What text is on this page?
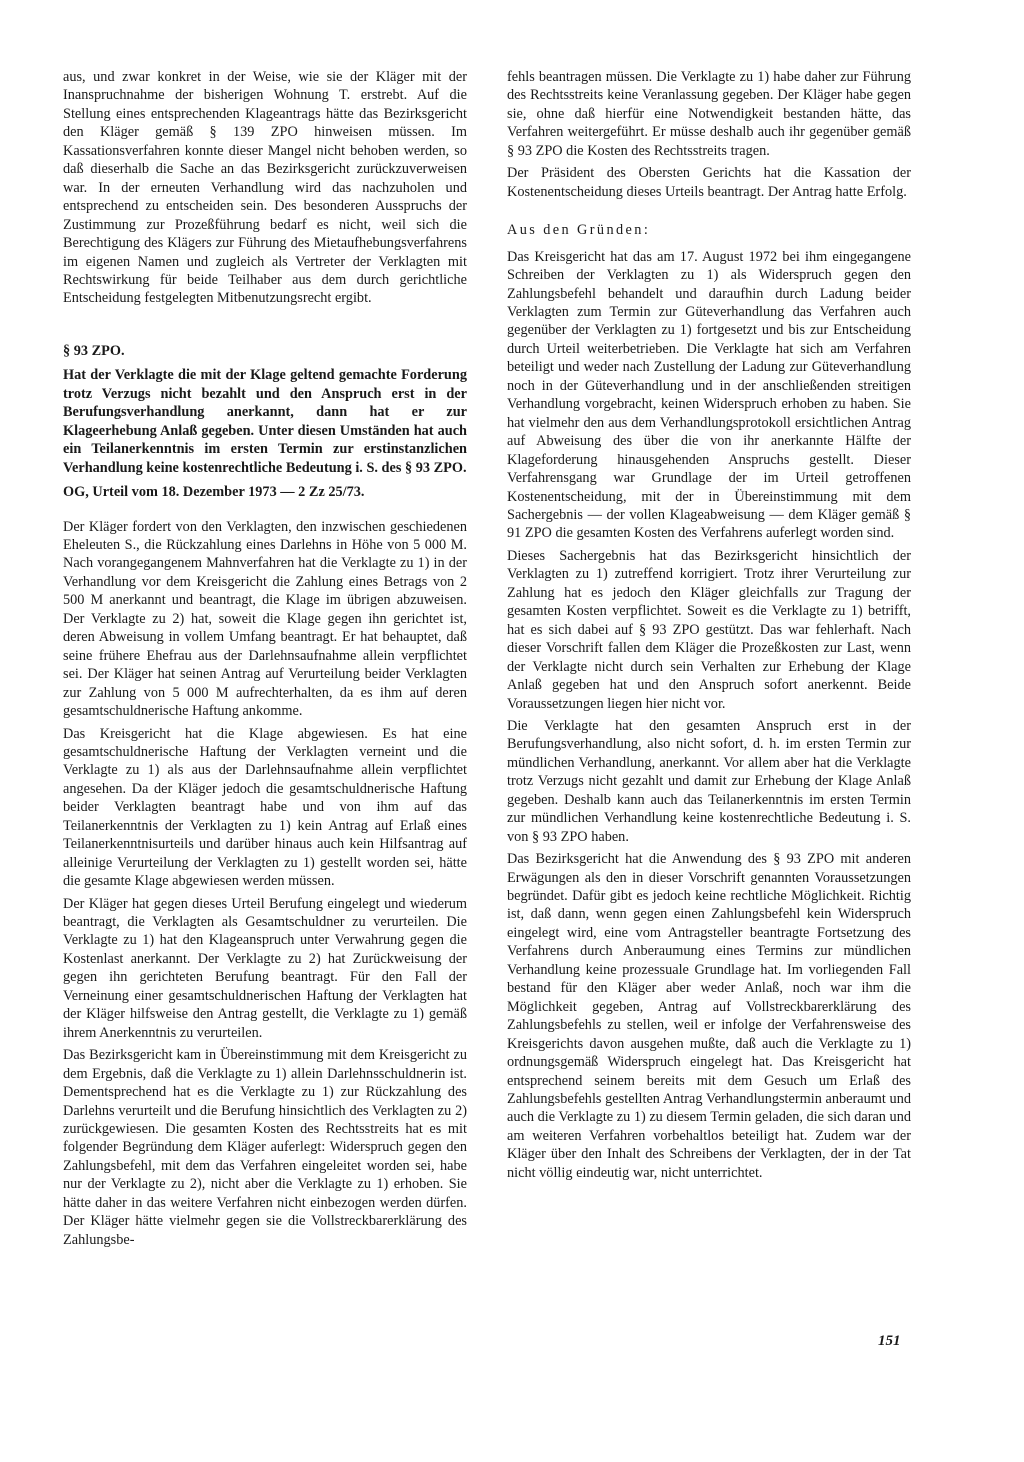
aus, und zwar konkret in der Weise, wie sie der Kläger mit der Inanspruchnahme der bisherigen Wohnung T. erstrebt. Auf die Stellung eines entsprechenden Klageantrags hätte das Bezirksgericht den Kläger gemäß § 139 ZPO hinweisen müssen. Im Kassationsverfahren konnte dieser Mangel nicht behoben werden, so daß dieserhalb die Sache an das Bezirksgericht zurückzuverweisen war. In der erneuten Verhandlung wird das nachzuholen und entsprechend zu entscheiden sein. Des besonderen Ausspruchs der Zustimmung zur Prozeßführung bedarf es nicht, weil sich die Berechtigung des Klägers zur Führung des Mietaufhebungsverfahrens im eigenen Namen und zugleich als Vertreter der Verklagten mit Rechtswirkung für beide Teilhaber aus dem durch gerichtliche Entscheidung festgelegten Mitbenutzungsrecht ergibt.

§ 93 ZPO.

Hat der Verklagte die mit der Klage geltend gemachte Forderung trotz Verzugs nicht bezahlt und den Anspruch erst in der Berufungsverhandlung anerkannt, dann hat er zur Klageerhebung Anlaß gegeben. Unter diesen Umständen hat auch ein Teilanerkenntnis im ersten Termin zur erstinstanzlichen Verhandlung keine kostenrechtliche Bedeutung i. S. des § 93 ZPO.

OG, Urteil vom 18. Dezember 1973 — 2 Zz 25/73.

Der Kläger fordert von den Verklagten, den inzwischen geschiedenen Eheleuten S., die Rückzahlung eines Darlehns in Höhe von 5 000 M. Nach vorangegangenem Mahnverfahren hat die Verklagte zu 1) in der Verhandlung vor dem Kreisgericht die Zahlung eines Betrags von 2 500 M anerkannt und beantragt, die Klage im übrigen abzuweisen. Der Verklagte zu 2) hat, soweit die Klage gegen ihn gerichtet ist, deren Abweisung in vollem Umfang beantragt. Er hat behauptet, daß seine frühere Ehefrau aus der Darlehnsaufnahme allein verpflichtet sei. Der Kläger hat seinen Antrag auf Verurteilung beider Verklagten zur Zahlung von 5 000 M aufrechterhalten, da es ihm auf deren gesamtschuldnerische Haftung ankomme.

Das Kreisgericht hat die Klage abgewiesen. Es hat eine gesamtschuldnerische Haftung der Verklagten verneint und die Verklagte zu 1) als aus der Darlehnsaufnahme allein verpflichtet angesehen. Da der Kläger jedoch die gesamtschuldnerische Haftung beider Verklagten beantragt habe und von ihm auf das Teilanerkenntnis der Verklagten zu 1) kein Antrag auf Erlaß eines Teilanerkenntnisurteils und darüber hinaus auch kein Hilfsantrag auf alleinige Verurteilung der Verklagten zu 1) gestellt worden sei, hätte die gesamte Klage abgewiesen werden müssen.

Der Kläger hat gegen dieses Urteil Berufung eingelegt und wiederum beantragt, die Verklagten als Gesamtschuldner zu verurteilen. Die Verklagte zu 1) hat den Klageanspruch unter Verwahrung gegen die Kostenlast anerkannt. Der Verklagte zu 2) hat Zurückweisung der gegen ihn gerichteten Berufung beantragt. Für den Fall der Verneinung einer gesamtschuldnerischen Haftung der Verklagten hat der Kläger hilfsweise den Antrag gestellt, die Verklagte zu 1) gemäß ihrem Anerkenntnis zu verurteilen.

Das Bezirksgericht kam in Übereinstimmung mit dem Kreisgericht zu dem Ergebnis, daß die Verklagte zu 1) allein Darlehnsschuldnerin ist. Dementsprechend hat es die Verklagte zu 1) zur Rückzahlung des Darlehns verurteilt und die Berufung hinsichtlich des Verklagten zu 2) zurückgewiesen. Die gesamten Kosten des Rechtsstreits hat es mit folgender Begründung dem Kläger auferlegt: Widerspruch gegen den Zahlungsbefehl, mit dem das Verfahren eingeleitet worden sei, habe nur der Verklagte zu 2), nicht aber die Verklagte zu 1) erhoben. Sie hätte daher in das weitere Verfahren nicht einbezogen werden dürfen. Der Kläger hätte vielmehr gegen sie die Vollstreckbarerklärung des Zahlungsbe-

fehls beantragen müssen. Die Verklagte zu 1) habe daher zur Führung des Rechtsstreits keine Veranlassung gegeben. Der Kläger habe gegen sie, ohne daß hierfür eine Notwendigkeit bestanden hätte, das Verfahren weitergeführt. Er müsse deshalb auch ihr gegenüber gemäß § 93 ZPO die Kosten des Rechtsstreits tragen.

Der Präsident des Obersten Gerichts hat die Kassation der Kostenentscheidung dieses Urteils beantragt. Der Antrag hatte Erfolg.

Aus den Gründen:

Das Kreisgericht hat das am 17. August 1972 bei ihm eingegangene Schreiben der Verklagten zu 1) als Widerspruch gegen den Zahlungsbefehl behandelt und daraufhin durch Ladung beider Verklagten zum Termin zur Güteverhandlung das Verfahren auch gegenüber der Verklagten zu 1) fortgesetzt und bis zur Entscheidung durch Urteil weiterbetrieben. Die Verklagte hat sich am Verfahren beteiligt und weder nach Zustellung der Ladung zur Güteverhandlung noch in der Güteverhandlung und in der anschließenden streitigen Verhandlung vorgebracht, keinen Widerspruch erhoben zu haben. Sie hat vielmehr den aus dem Verhandlungsprotokoll ersichtlichen Antrag auf Abweisung des über die von ihr anerkannte Hälfte der Klageforderung hinausgehenden Anspruchs gestellt. Dieser Verfahrensgang war Grundlage der im Urteil getroffenen Kostenentscheidung, mit der in Übereinstimmung mit dem Sachergebnis — der vollen Klageabweisung — dem Kläger gemäß § 91 ZPO die gesamten Kosten des Verfahrens auferlegt worden sind.

Dieses Sachergebnis hat das Bezirksgericht hinsichtlich der Verklagten zu 1) zutreffend korrigiert. Trotz ihrer Verurteilung zur Zahlung hat es jedoch den Kläger gleichfalls zur Tragung der gesamten Kosten verpflichtet. Soweit es die Verklagte zu 1) betrifft, hat es sich dabei auf § 93 ZPO gestützt. Das war fehlerhaft. Nach dieser Vorschrift fallen dem Kläger die Prozeßkosten zur Last, wenn der Verklagte nicht durch sein Verhalten zur Erhebung der Klage Anlaß gegeben hat und den Anspruch sofort anerkennt. Beide Voraussetzungen liegen hier nicht vor.

Die Verklagte hat den gesamten Anspruch erst in der Berufungsverhandlung, also nicht sofort, d. h. im ersten Termin zur mündlichen Verhandlung, anerkannt. Vor allem aber hat die Verklagte trotz Verzugs nicht gezahlt und damit zur Erhebung der Klage Anlaß gegeben. Deshalb kann auch das Teilanerkenntnis im ersten Termin zur mündlichen Verhandlung keine kostenrechtliche Bedeutung i. S. von § 93 ZPO haben.

Das Bezirksgericht hat die Anwendung des § 93 ZPO mit anderen Erwägungen als den in dieser Vorschrift genannten Voraussetzungen begründet. Dafür gibt es jedoch keine rechtliche Möglichkeit. Richtig ist, daß dann, wenn gegen einen Zahlungsbefehl kein Widerspruch eingelegt wird, eine vom Antragsteller beantragte Fortsetzung des Verfahrens durch Anberaumung eines Termins zur mündlichen Verhandlung keine prozessuale Grundlage hat. Im vorliegenden Fall bestand für den Kläger aber weder Anlaß, noch war ihm die Möglichkeit gegeben, Antrag auf Vollstreckbarerklärung des Zahlungsbefehls zu stellen, weil er infolge der Verfahrensweise des Kreisgerichts davon ausgehen mußte, daß auch die Verklagte zu 1) ordnungsgemäß Widerspruch eingelegt hat. Das Kreisgericht hat entsprechend seinem bereits mit dem Gesuch um Erlaß des Zahlungsbefehls gestellten Antrag Verhandlungstermin anberaumt und auch die Verklagte zu 1) zu diesem Termin geladen, die sich daran und am weiteren Verfahren vorbehaltlos beteiligt hat. Zudem war der Kläger über den Inhalt des Schreibens der Verklagten, der in der Tat nicht völlig eindeutig war, nicht unterrichtet.

151
